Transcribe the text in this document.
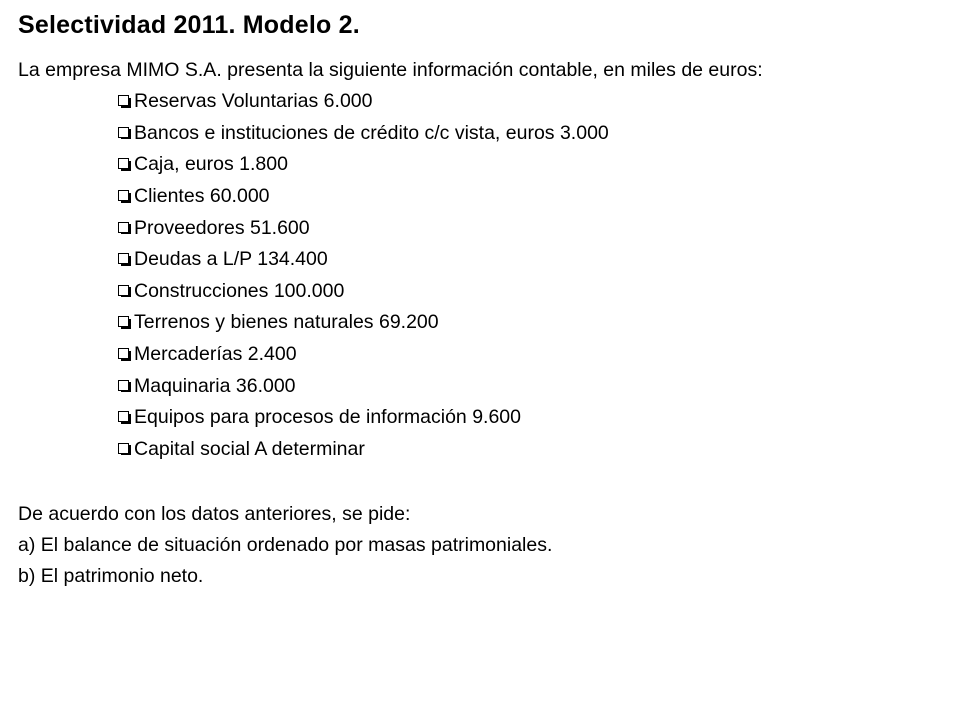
Selectividad 2011. Modelo 2.

La empresa MIMO S.A. presenta la siguiente información contable, en miles de euros:

Reservas Voluntarias 6.000
Bancos e instituciones de crédito c/c vista, euros 3.000
Caja, euros 1.800
Clientes 60.000
Proveedores 51.600
Deudas a L/P 134.400
Construcciones 100.000
Terrenos y bienes naturales 69.200
Mercaderías 2.400
Maquinaria 36.000
Equipos para procesos de información 9.600
Capital social A determinar

De acuerdo con los datos anteriores, se pide:

a) El balance de situación ordenado por masas patrimoniales.

b) El patrimonio neto.
